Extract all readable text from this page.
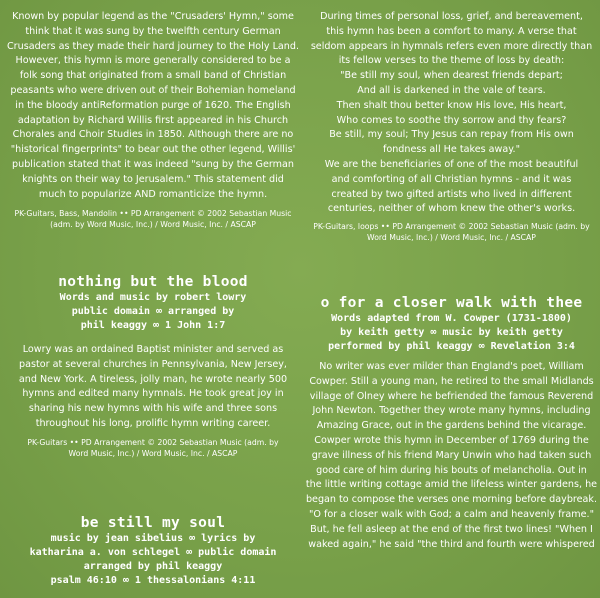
Known by popular legend as the "Crusaders' Hymn," some

think that it was sung by the twelfth century German

Crusaders as they made their hard journey to the Holy Land.

However, this hymn is more generally considered to be a

folk song that originated from a small band of Christian

peasants who were driven out of their Bohemian homeland

in the bloody antiReformation purge of 1620. The English

adaptation by Richard Willis first appeared in his Church

Chorales and Choir Studies in 1850. Although there are no

"historical fingerprints" to bear out the other legend, Willis'

publication stated that it was indeed "sung by the German

knights on their way to Jerusalem." This statement did

much to popularize AND romanticize the hymn.

PK-Guitars, Bass, Mandolin •• PD Arrangement © 2002 Sebastian Music (adm. by Word Music, Inc.) / Word Music, Inc. / ASCAP

nothing but the blood

Words and music by robert lowry

public domain ∞ arranged by

phil keaggy ∞ 1 John 1:7

Lowry was an ordained Baptist minister and served as

pastor at several churches in Pennsylvania, New Jersey,

and New York. A tireless, jolly man, he wrote nearly 500

hymns and edited many hymnals. He took great joy in

sharing his new hymns with his wife and three sons

throughout his long, prolific hymn writing career.

PK-Guitars •• PD Arrangement © 2002 Sebastian Music (adm. by Word Music, Inc.) / Word Music, Inc. / ASCAP

be still my soul

music by jean sibelius ∞ lyrics by

katharina a. von schlegel ∞ public domain

arranged by phil keaggy

psalm 46:10 ∞ 1 thessalonians 4:11

During times of personal loss, grief, and bereavement,

this hymn has been a comfort to many. A verse that

seldom appears in hymnals refers even more directly than

its fellow verses to the theme of loss by death:

"Be still my soul, when dearest friends depart;

And all is darkened in the vale of tears.

Then shalt thou better know His love, His heart,

Who comes to soothe thy sorrow and thy fears?

Be still, my soul; Thy Jesus can repay from His own

fondness all He takes away."

We are the beneficiaries of one of the most beautiful

and comforting of all Christian hymns - and it was

created by two gifted artists who lived in different

centuries, neither of whom knew the other's works.

PK-Guitars, loops •• PD Arrangement © 2002 Sebastian Music (adm. by Word Music, Inc.) / Word Music, Inc. / ASCAP

o for a closer walk with thee

Words adapted from W. Cowper (1731-1800)

by keith getty ∞ music by keith getty

performed by phil keaggy ∞ Revelation 3:4

No writer was ever milder than England's poet, William

Cowper. Still a young man, he retired to the small Midlands

village of Olney where he befriended the famous Reverend

John Newton. Together they wrote many hymns, including

Amazing Grace, out in the gardens behind the vicarage.

Cowper wrote this hymn in December of 1769 during the

grave illness of his friend Mary Unwin who had taken such

good care of him during his bouts of melancholia. Out in

the little writing cottage amid the lifeless winter gardens, he

began to compose the verses one morning before daybreak.

"O for a closer walk with God; a calm and heavenly frame."

But, he fell asleep at the end of the first two lines! "When I

waked again," he said "the third and fourth were whispered
